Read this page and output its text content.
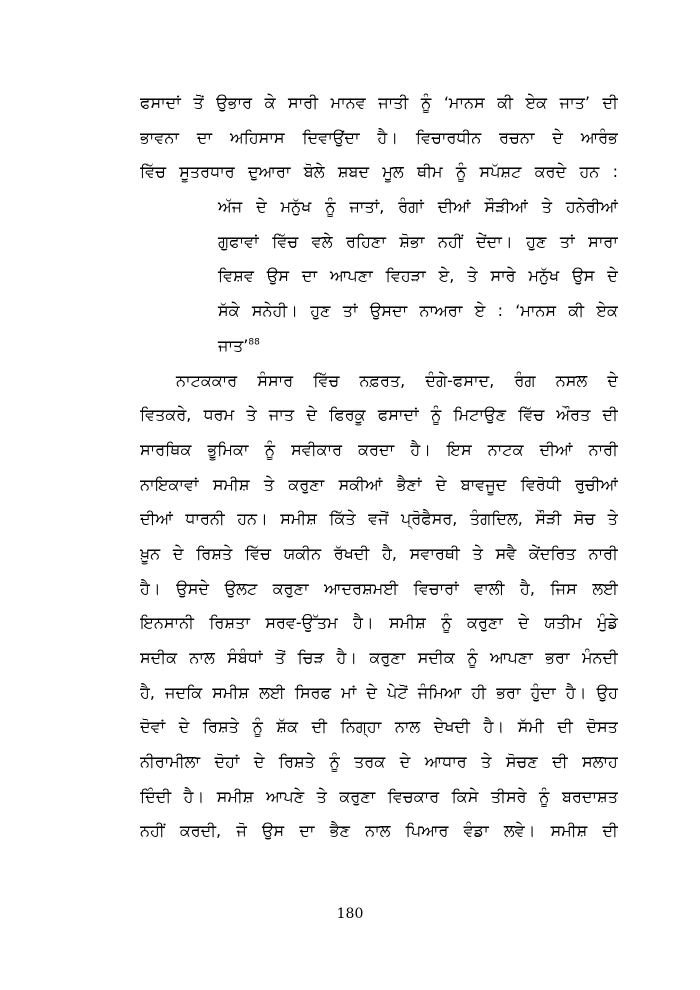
ਫਸਾਦਾਂ ਤੋਂ ਉਭਾਰ ਕੇ ਸਾਰੀ ਮਾਨਵ ਜਾਤੀ ਨੂੰ ‘ਮਾਨਸ ਕੀ ਏਕ ਜਾਤ’ ਦੀ
ਭਾਵਨਾ ਦਾ ਅਹਿਸਾਸ ਦਿਵਾਉਂਦਾ ਹੈ। ਵਿਚਾਰਧੀਨ ਰਚਨਾ ਦੇ ਆਰੰਭ
ਵਿੱਚ ਸੂਤਰਧਾਰ ਦੁਆਰਾ ਬੋਲੇ ਸ਼ਬਦ ਮੂਲ ਥੀਮ ਨੂੰ ਸਪੱਸ਼ਟ ਕਰਦੇ ਹਨ :
ਅੱਜ ਦੇ ਮਨੁੱਖ ਨੂੰ ਜਾਤਾਂ, ਰੰਗਾਂ ਦੀਆਂ ਸੌੜੀਆਂ ਤੇ ਹਨੇਰੀਆਂ
ਗੁਫਾਵਾਂ ਵਿੱਚ ਵਲੇ ਰਹਿਣਾ ਸ਼ੋਭਾ ਨਹੀਂ ਦੇਂਦਾ। ਹੁਣ ਤਾਂ ਸਾਰਾ
ਵਿਸ਼ਵ ਉਸ ਦਾ ਆਪਣਾ ਵਿਹੜਾ ਏ, ਤੇ ਸਾਰੇ ਮਨੁੱਖ ਉਸ ਦੇ
ਸੱਕੇ ਸਨੇਹੀ। ਹੁਣ ਤਾਂ ਉਸਦਾ ਨਾਅਰਾ ਏ : ‘ਮਾਨਸ ਕੀ ਏਕ
ਜਾਤ’$^{88}$
ਨਾਟਕਕਾਰ ਸੰਸਾਰ ਵਿੱਚ ਨਫ਼ਰਤ, ਦੰਗੇ-ਫਸਾਦ, ਰੰਗ ਨਸਲ ਦੇ
ਵਿਤਕਰੇ, ਧਰਮ ਤੇ ਜਾਤ ਦੇ ਫਿਰਕੂ ਫਸਾਦਾਂ ਨੂੰ ਮਿਟਾਉਣ ਵਿੱਚ ਔਰਤ ਦੀ
ਸਾਰਥਿਕ ਭੂਮਿਕਾ ਨੂੰ ਸਵੀਕਾਰ ਕਰਦਾ ਹੈ। ਇਸ ਨਾਟਕ ਦੀਆਂ ਨਾਰੀ
ਨਾਇਕਾਵਾਂ ਸਮੀਸ਼ ਤੇ ਕਰੁਣਾ ਸਕੀਆਂ ਭੈਣਾਂ ਦੇ ਬਾਵਜੂਦ ਵਿਰੋਧੀ ਰੁਚੀਆਂ
ਦੀਆਂ ਧਾਰਨੀ ਹਨ। ਸਮੀਸ਼ ਕਿੱਤੇ ਵਜੋਂ ਪ੍ਰੋਫੈਸਰ, ਤੰਗਦਿਲ, ਸੌੜੀ ਸੋਚ ਤੇ
ਖ਼ੂਨ ਦੇ ਰਿਸ਼ਤੇ ਵਿੱਚ ਯਕੀਨ ਰੱਖਦੀ ਹੈ, ਸਵਾਰਥੀ ਤੇ ਸਵੈ ਕੇਂਦਰਿਤ ਨਾਰੀ
ਹੈ। ਉਸਦੇ ਉਲਟ ਕਰੁਣਾ ਆਦਰਸ਼ਮਈ ਵਿਚਾਰਾਂ ਵਾਲੀ ਹੈ, ਜਿਸ ਲਈ
ਇਨਸਾਨੀ ਰਿਸ਼ਤਾ ਸਰਵ-ਉੱਤਮ ਹੈ। ਸਮੀਸ਼ ਨੂੰ ਕਰੁਣਾ ਦੇ ਯਤੀਮ ਮੁੰਡੇ
ਸਦੀਕ ਨਾਲ ਸੰਬੰਧਾਂ ਤੋਂ ਚਿੜ ਹੈ। ਕਰੁਣਾ ਸਦੀਕ ਨੂੰ ਆਪਣਾ ਭਰਾ ਮੰਨਦੀ
ਹੈ, ਜਦਕਿ ਸਮੀਸ਼ ਲਈ ਸਿਰਫ ਮਾਂ ਦੇ ਪੇਟੋਂ ਜੰਮਿਆ ਹੀ ਭਰਾ ਹੁੰਦਾ ਹੈ। ਉਹ
ਦੋਵਾਂ ਦੇ ਰਿਸ਼ਤੇ ਨੂੰ ਸ਼ੱਕ ਦੀ ਨਿਗ੍ਹਾ ਨਾਲ ਦੇਖਦੀ ਹੈ। ਸੱਮੀ ਦੀ ਦੋਸਤ
ਨੀਰਾਮੀਲਾ ਦੋਹਾਂ ਦੇ ਰਿਸ਼ਤੇ ਨੂੰ ਤਰਕ ਦੇ ਆਧਾਰ ਤੇ ਸੋਚਣ ਦੀ ਸਲਾਹ
ਦਿੰਦੀ ਹੈ। ਸਮੀਸ਼ ਆਪਣੇ ਤੇ ਕਰੁਣਾ ਵਿਚਕਾਰ ਕਿਸੇ ਤੀਸਰੇ ਨੂੰ ਬਰਦਾਸ਼ਤ
ਨਹੀਂ ਕਰਦੀ, ਜੋ ਉਸ ਦਾ ਭੈਣ ਨਾਲ ਪਿਆਰ ਵੰਡਾ ਲਵੇ। ਸਮੀਸ਼ ਦੀ
180
